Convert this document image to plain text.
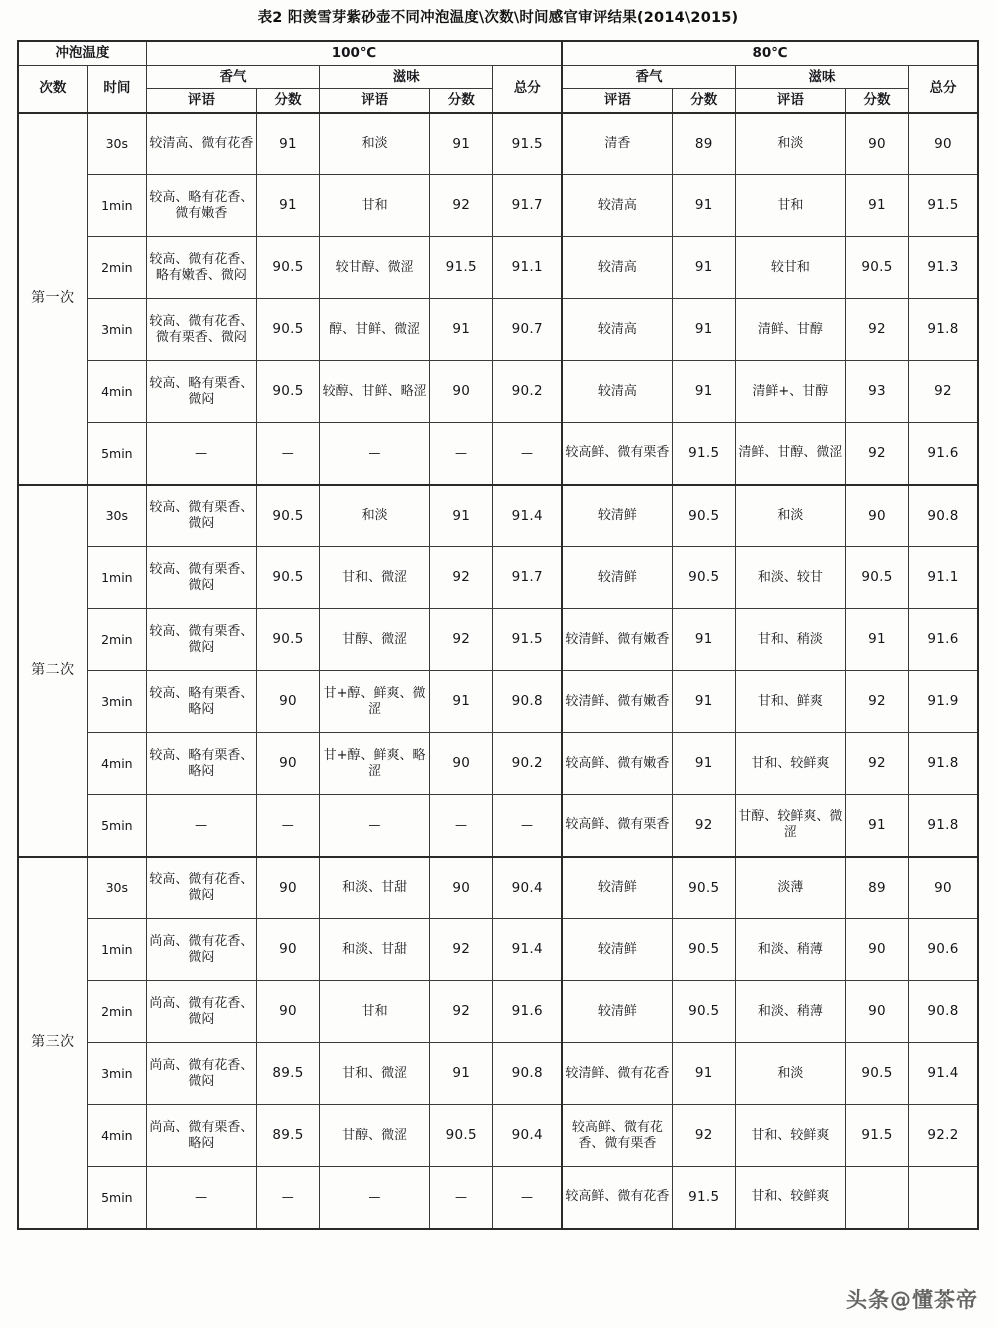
表2 阳羡雪芽紫砂壶不同冲泡温度\次数\时间感官审评结果(2014\2015)
冲泡温度		100℃					80℃				
次数	时间	香气		滋味		总分	香气		滋味		总分
		评语	分数	评语	分数		评语	分数	评语	分数	
第一次	30s	较清高、微有花香	91	和淡	91	91.5	清香	89	和淡	90	90
	1min	较高、略有花香、微有嫩香	91	甘和	92	91.7	较清高	91	甘和	91	91.5
	2min	较高、微有花香、略有嫩香、微闷	90.5	较甘醇、微涩	91.5	91.1	较清高	91	较甘和	90.5	91.3
	3min	较高、微有花香、微有栗香、微闷	90.5	醇、甘鲜、微涩	91	90.7	较清高	91	清鲜、甘醇	92	91.8
	4min	较高、略有栗香、微闷	90.5	较醇、甘鲜、略涩	90	90.2	较清高	91	清鲜+、甘醇	93	92
	5min	—	—	—	—	—	较高鲜、微有栗香	91.5	清鲜、甘醇、微涩	92	91.6
第二次	30s	较高、微有栗香、微闷	90.5	和淡	91	91.4	较清鲜	90.5	和淡	90	90.8
	1min	较高、微有栗香、微闷	90.5	甘和、微涩	92	91.7	较清鲜	90.5	和淡、较甘	90.5	91.1
	2min	较高、微有栗香、微闷	90.5	甘醇、微涩	92	91.5	较清鲜、微有嫩香	91	甘和、稍淡	91	91.6
	3min	较高、略有栗香、略闷	90	甘+醇、鲜爽、微涩	91	90.8	较清鲜、微有嫩香	91	甘和、鲜爽	92	91.9
	4min	较高、略有栗香、略闷	90	甘+醇、鲜爽、略涩	90	90.2	较高鲜、微有嫩香	91	甘和、较鲜爽	92	91.8
	5min	—	—	—	—	—	较高鲜、微有栗香	92	甘醇、较鲜爽、微涩	91	91.8
第三次	30s	较高、微有花香、微闷	90	和淡、甘甜	90	90.4	较清鲜	90.5	淡薄	89	90
	1min	尚高、微有花香、微闷	90	和淡、甘甜	92	91.4	较清鲜	90.5	和淡、稍薄	90	90.6
	2min	尚高、微有花香、微闷	90	甘和	92	91.6	较清鲜	90.5	和淡、稍薄	90	90.8
	3min	尚高、微有花香、微闷	89.5	甘和、微涩	91	90.8	较清鲜、微有花香	91	和淡	90.5	91.4
	4min	尚高、微有栗香、略闷	89.5	甘醇、微涩	90.5	90.4	较高鲜、微有花香、微有栗香	92	甘和、较鲜爽	91.5	92.2
	5min	—	—	—	—	—	较高鲜、微有花香	91.5	甘和、较鲜爽		
头条@懂茶帝
